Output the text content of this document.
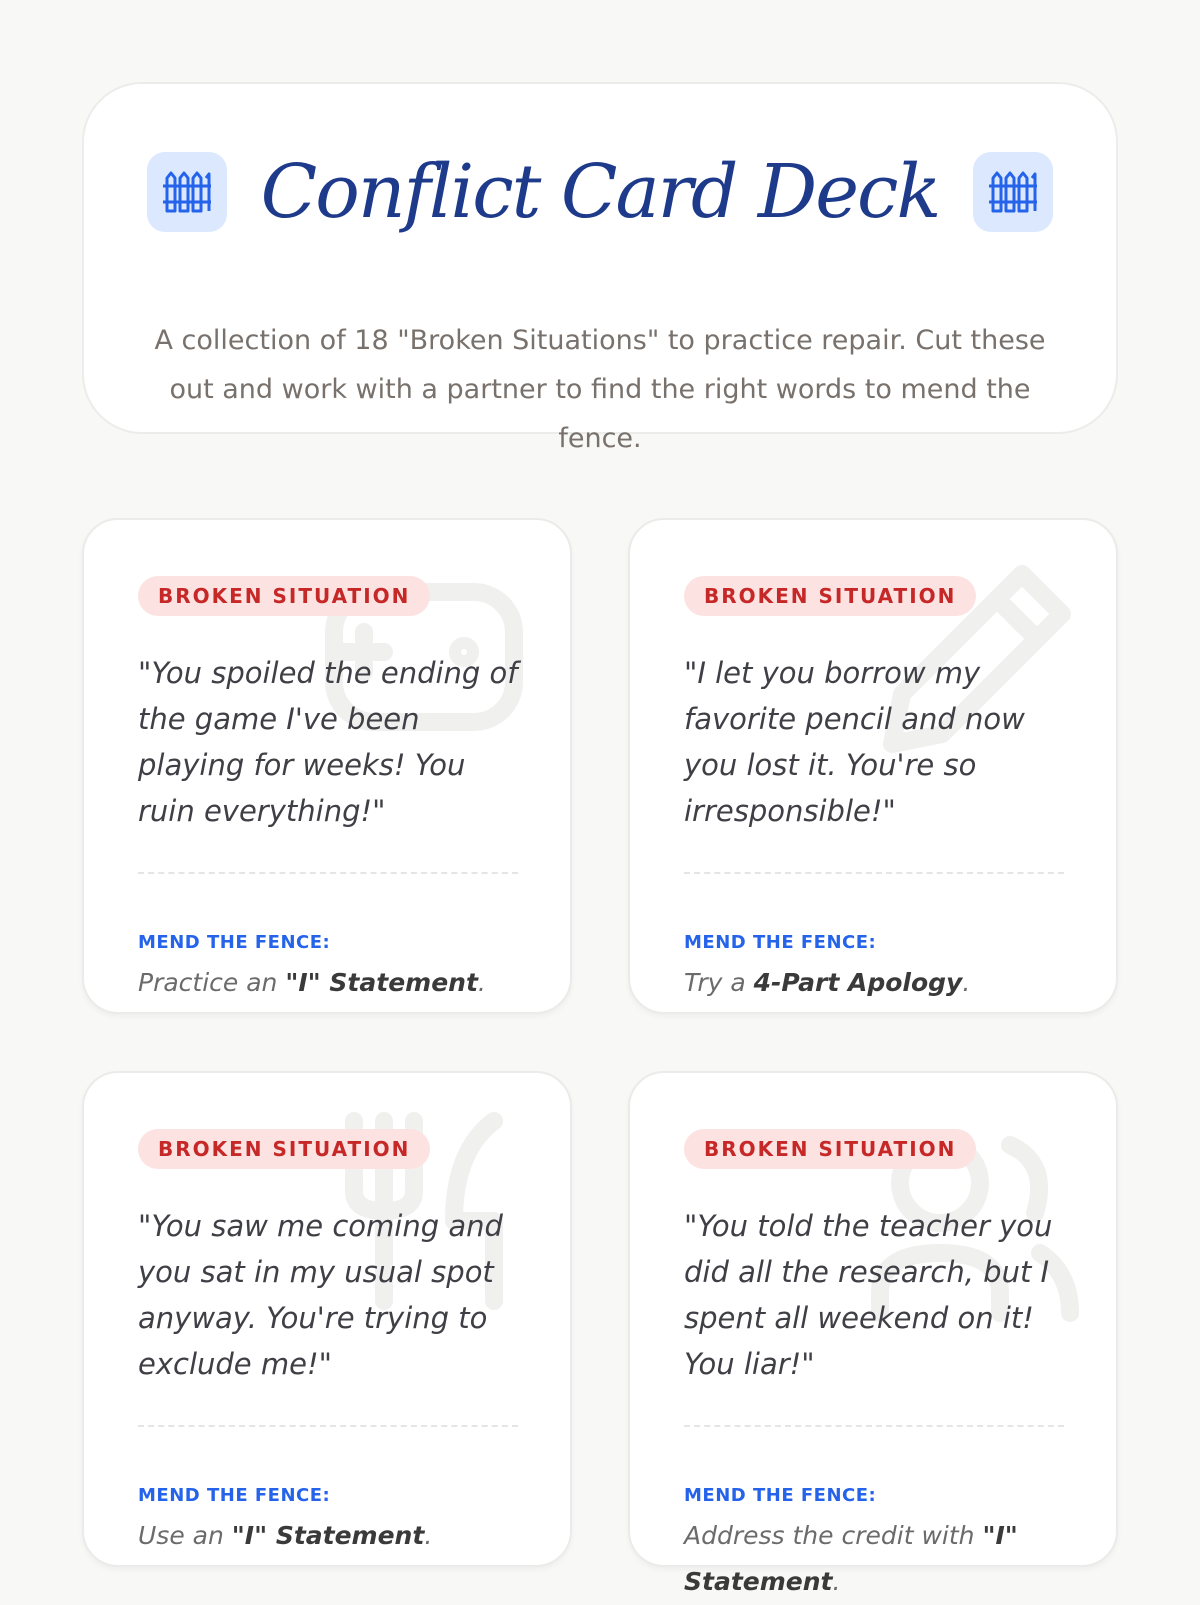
Conflict Card Deck
A collection of 18 "Broken Situations" to practice repair. Cut these out and work with a partner to find the right words to mend the fence.
BROKEN SITUATION
"You spoiled the ending of the game I've been playing for weeks! You ruin everything!"
MEND THE FENCE:
Practice an "I" Statement.
BROKEN SITUATION
"I let you borrow my favorite pencil and now you lost it. You're so irresponsible!"
MEND THE FENCE:
Try a 4-Part Apology.
BROKEN SITUATION
"You saw me coming and you sat in my usual spot anyway. You're trying to exclude me!"
MEND THE FENCE:
Use an "I" Statement.
BROKEN SITUATION
"You told the teacher you did all the research, but I spent all weekend on it! You liar!"
MEND THE FENCE:
Address the credit with "I" Statement.
